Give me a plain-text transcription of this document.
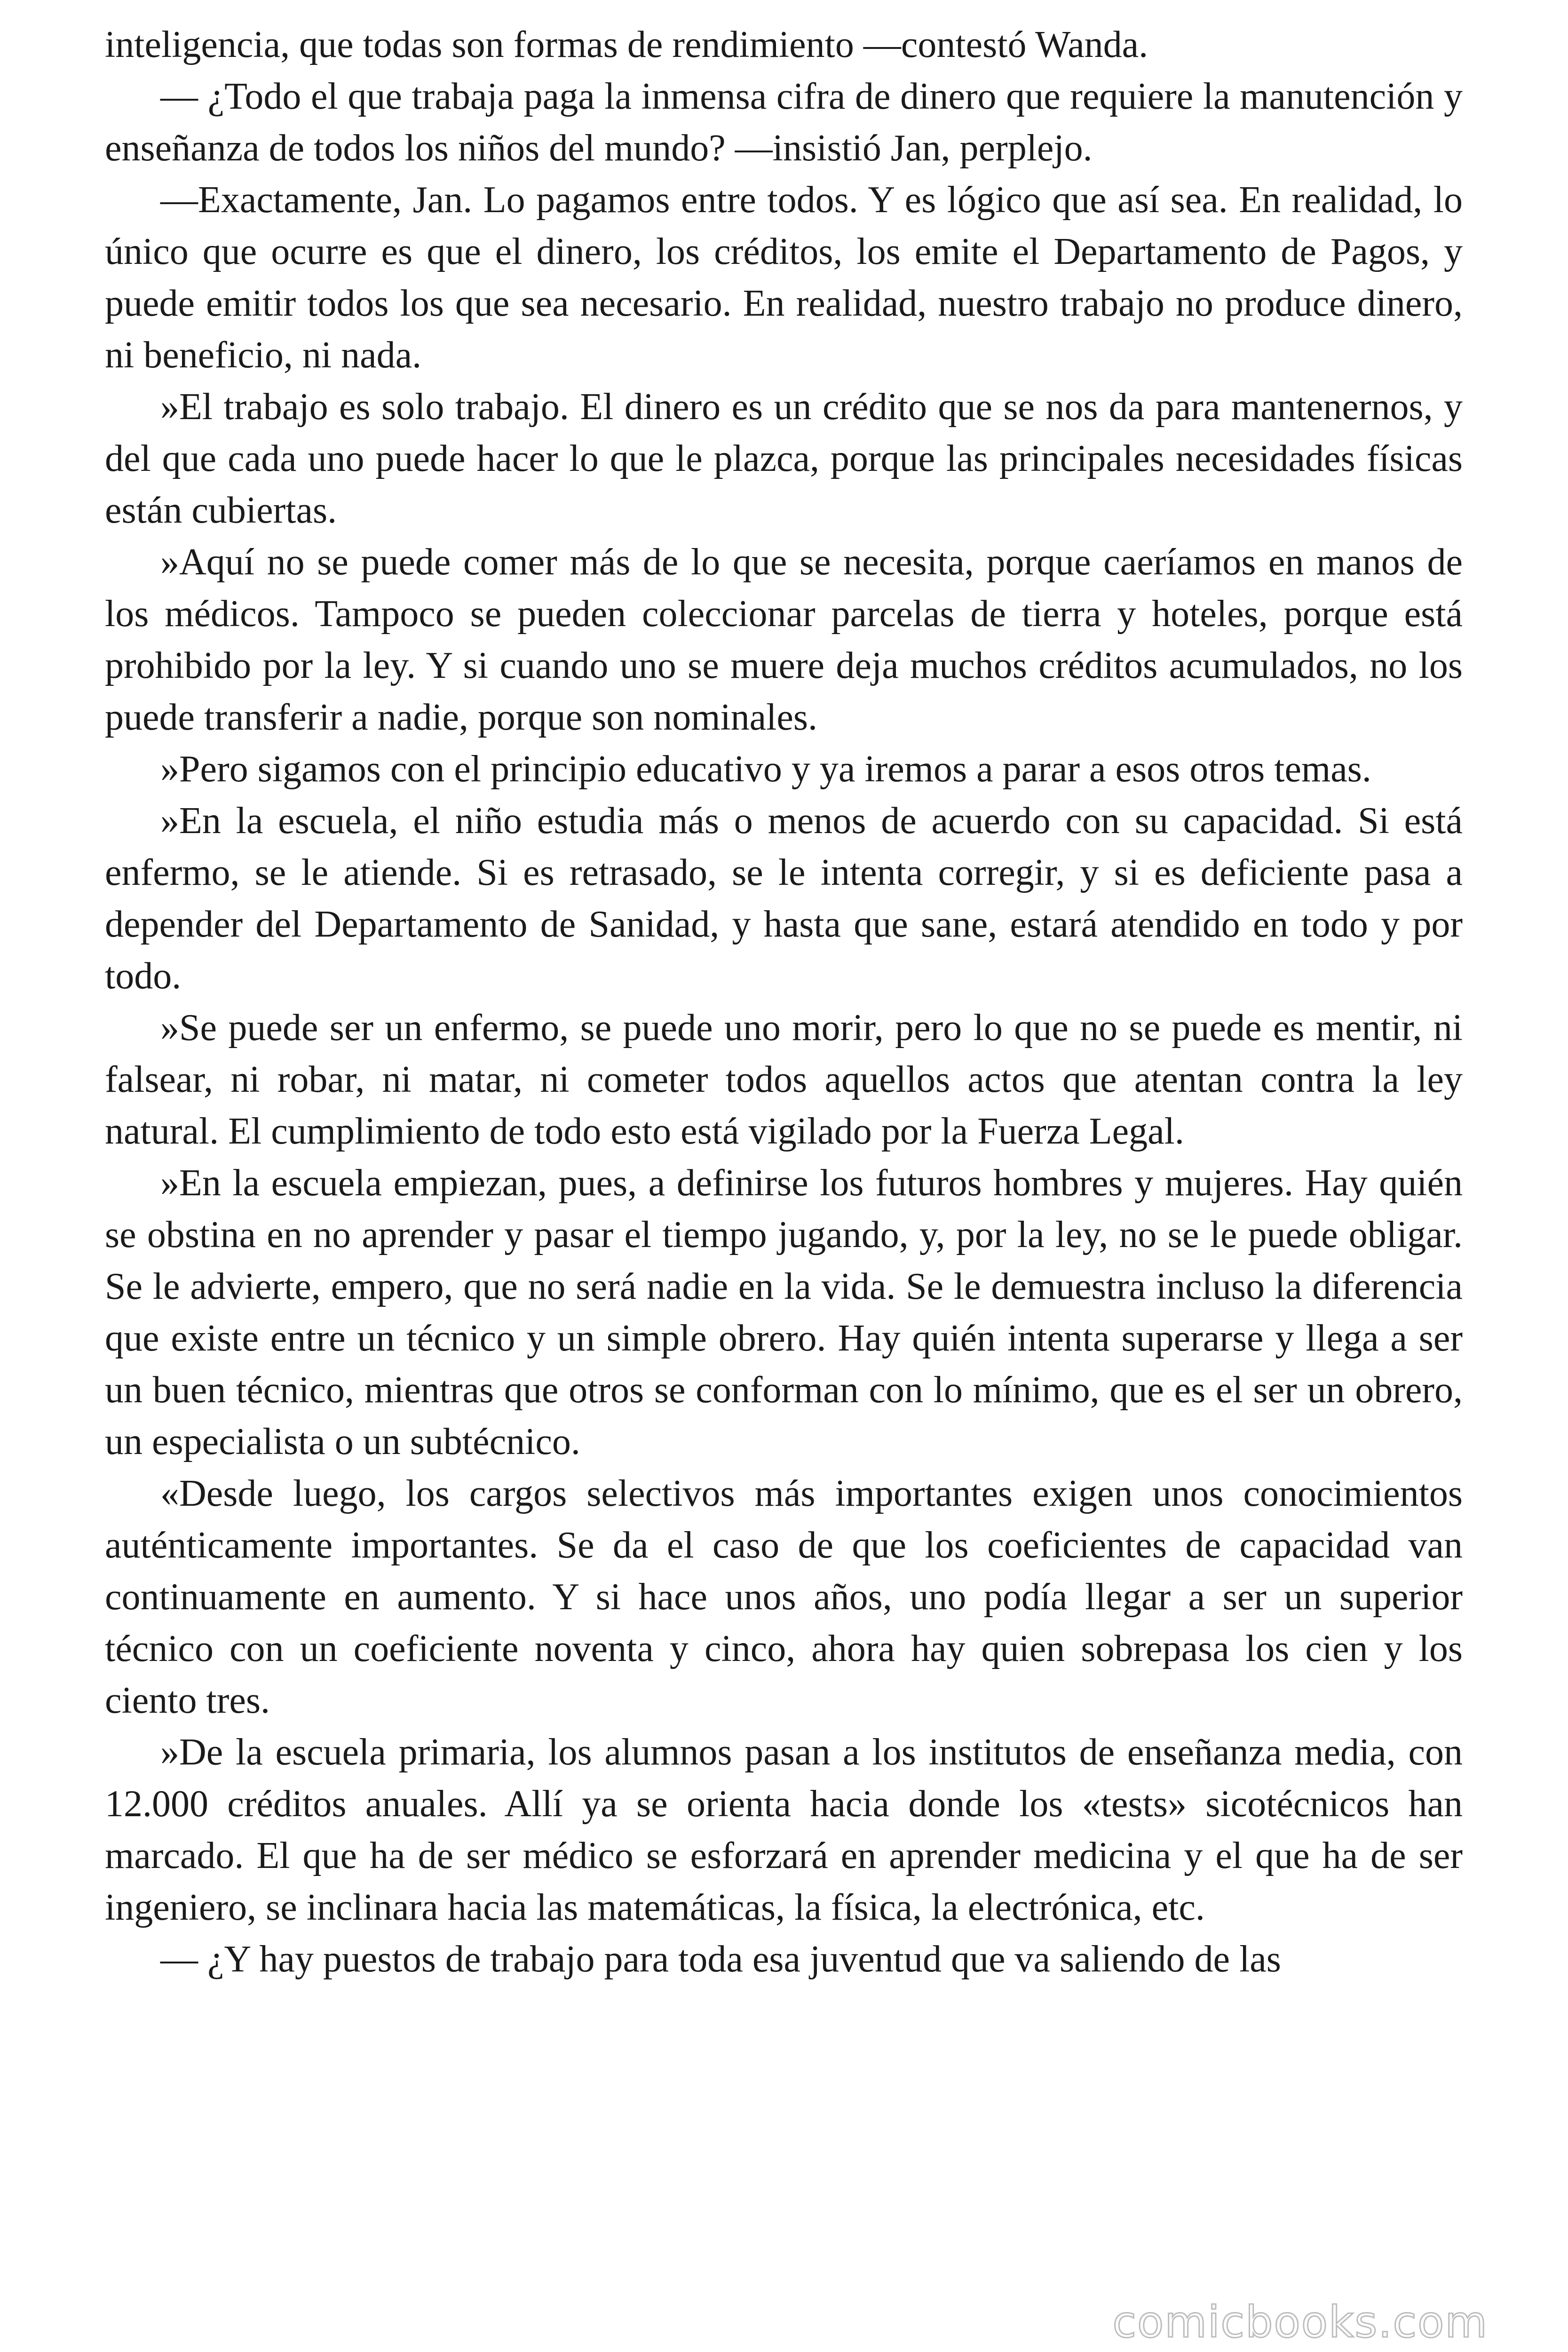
inteligencia, que todas son formas de rendimiento —contestó Wanda.

— ¿Todo el que trabaja paga la inmensa cifra de dinero que requiere la manutención y enseñanza de todos los niños del mundo? —insistió Jan, perplejo.

—Exactamente, Jan. Lo pagamos entre todos. Y es lógico que así sea. En realidad, lo único que ocurre es que el dinero, los créditos, los emite el Departamento de Pagos, y puede emitir todos los que sea necesario. En realidad, nuestro trabajo no produce dinero, ni beneficio, ni nada.

»El trabajo es solo trabajo. El dinero es un crédito que se nos da para mantenernos, y del que cada uno puede hacer lo que le plazca, porque las principales necesidades físicas están cubiertas.

»Aquí no se puede comer más de lo que se necesita, porque caeríamos en manos de los médicos. Tampoco se pueden coleccionar parcelas de tierra y hoteles, porque está prohibido por la ley. Y si cuando uno se muere deja muchos créditos acumulados, no los puede transferir a nadie, porque son nominales.

»Pero sigamos con el principio educativo y ya iremos a parar a esos otros temas.

»En la escuela, el niño estudia más o menos de acuerdo con su capacidad. Si está enfermo, se le atiende. Si es retrasado, se le intenta corregir, y si es deficiente pasa a depender del Departamento de Sanidad, y hasta que sane, estará atendido en todo y por todo.

»Se puede ser un enfermo, se puede uno morir, pero lo que no se puede es mentir, ni falsear, ni robar, ni matar, ni cometer todos aquellos actos que atentan contra la ley natural. El cumplimiento de todo esto está vigilado por la Fuerza Legal.

»En la escuela empiezan, pues, a definirse los futuros hombres y mujeres. Hay quién se obstina en no aprender y pasar el tiempo jugando, y, por la ley, no se le puede obligar. Se le advierte, empero, que no será nadie en la vida. Se le demuestra incluso la diferencia que existe entre un técnico y un simple obrero. Hay quién intenta superarse y llega a ser un buen técnico, mientras que otros se conforman con lo mínimo, que es el ser un obrero, un especialista o un subtécnico.

«Desde luego, los cargos selectivos más importantes exigen unos conocimientos auténticamente importantes. Se da el caso de que los coeficientes de capacidad van continuamente en aumento. Y si hace unos años, uno podía llegar a ser un superior técnico con un coeficiente noventa y cinco, ahora hay quien sobrepasa los cien y los ciento tres.

»De la escuela primaria, los alumnos pasan a los institutos de enseñanza media, con 12.000 créditos anuales. Allí ya se orienta hacia donde los «tests» sicotécnicos han marcado. El que ha de ser médico se esforzará en aprender medicina y el que ha de ser ingeniero, se inclinara hacia las matemáticas, la física, la electrónica, etc.

— ¿Y hay puestos de trabajo para toda esa juventud que va saliendo de las

comicbooks.com
